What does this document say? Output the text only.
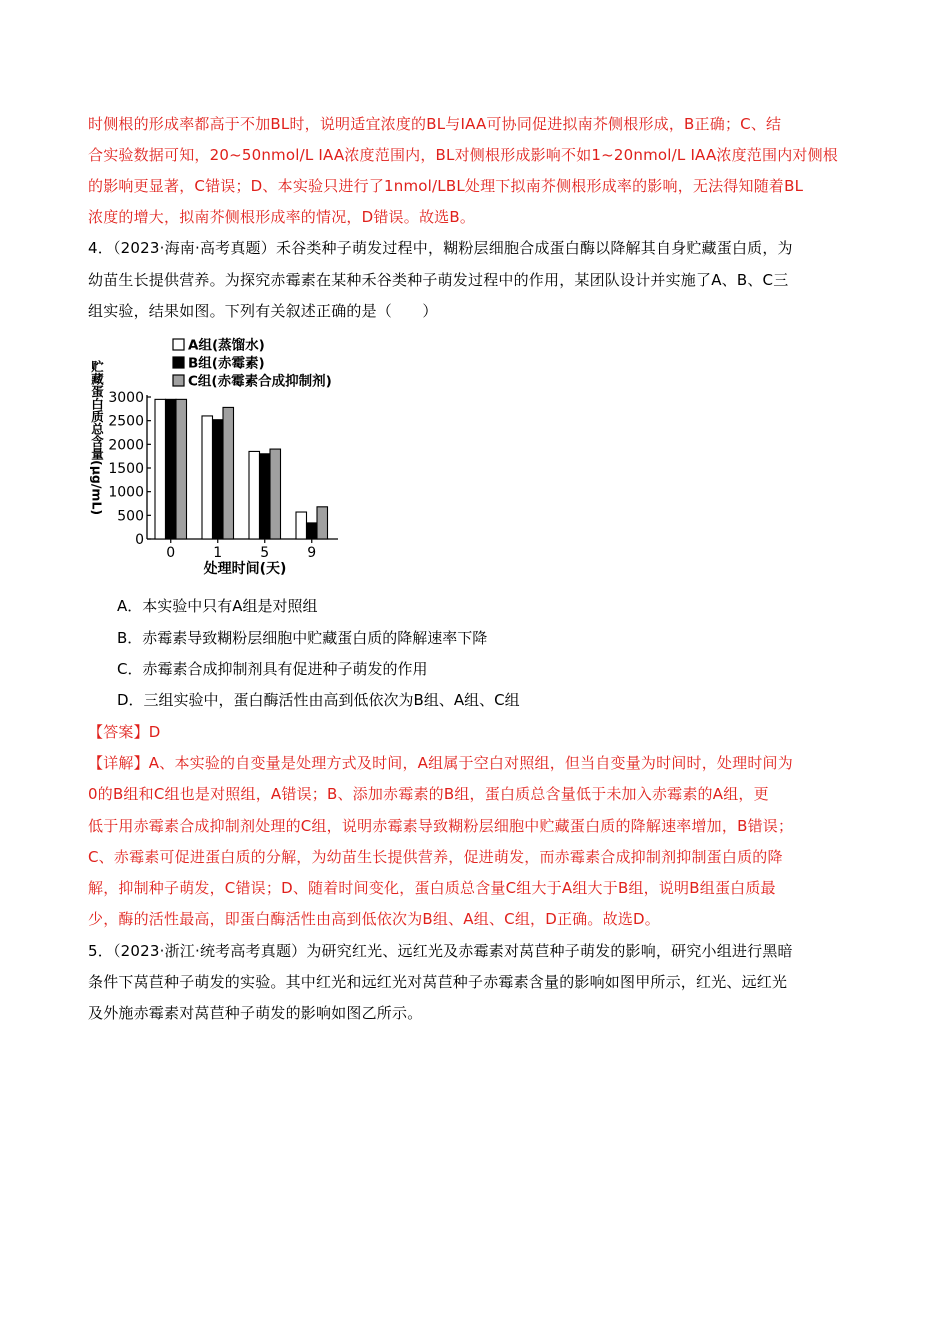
时侧根的形成率都高于不加BL时，说明适宜浓度的BL与IAA可协同促进拟南芥侧根形成，B正确；C、结
合实验数据可知，20~50nmol/L IAA浓度范围内，BL对侧根形成影响不如1~20nmol/L IAA浓度范围内对侧根
的影响更显著，C错误；D、本实验只进行了1nmol/LBL处理下拟南芥侧根形成率的影响，无法得知随着BL
浓度的增大，拟南芥侧根形成率的情况，D错误。故选B。
4．（2023·海南·高考真题）禾谷类种子萌发过程中，糊粉层细胞合成蛋白酶以降解其自身贮藏蛋白质，为
幼苗生长提供营养。为探究赤霉素在某种禾谷类种子萌发过程中的作用，某团队设计并实施了A、B、C三
组实验，结果如图。下列有关叙述正确的是（　　）
A组(蒸馏水)
B组(赤霉素)
C组(赤霉素合成抑制剂)
贮藏蛋白质总含量(μg/mL)
0
500
1000
1500
2000
2500
3000
0	1	5	9
处理时间(天)
A．本实验中只有A组是对照组
B．赤霉素导致糊粉层细胞中贮藏蛋白质的降解速率下降
C．赤霉素合成抑制剂具有促进种子萌发的作用
D．三组实验中，蛋白酶活性由高到低依次为B组、A组、C组
【答案】D
【详解】A、本实验的自变量是处理方式及时间，A组属于空白对照组，但当自变量为时间时，处理时间为
0的B组和C组也是对照组，A错误；B、添加赤霉素的B组，蛋白质总含量低于未加入赤霉素的A组，更
低于用赤霉素合成抑制剂处理的C组，说明赤霉素导致糊粉层细胞中贮藏蛋白质的降解速率增加，B错误；
C、赤霉素可促进蛋白质的分解，为幼苗生长提供营养，促进萌发，而赤霉素合成抑制剂抑制蛋白质的降
解，抑制种子萌发，C错误；D、随着时间变化，蛋白质总含量C组大于A组大于B组，说明B组蛋白质最
少，酶的活性最高，即蛋白酶活性由高到低依次为B组、A组、C组，D正确。故选D。
5．（2023·浙江·统考高考真题）为研究红光、远红光及赤霉素对莴苣种子萌发的影响，研究小组进行黑暗
条件下莴苣种子萌发的实验。其中红光和远红光对莴苣种子赤霉素含量的影响如图甲所示，红光、远红光
及外施赤霉素对莴苣种子萌发的影响如图乙所示。
